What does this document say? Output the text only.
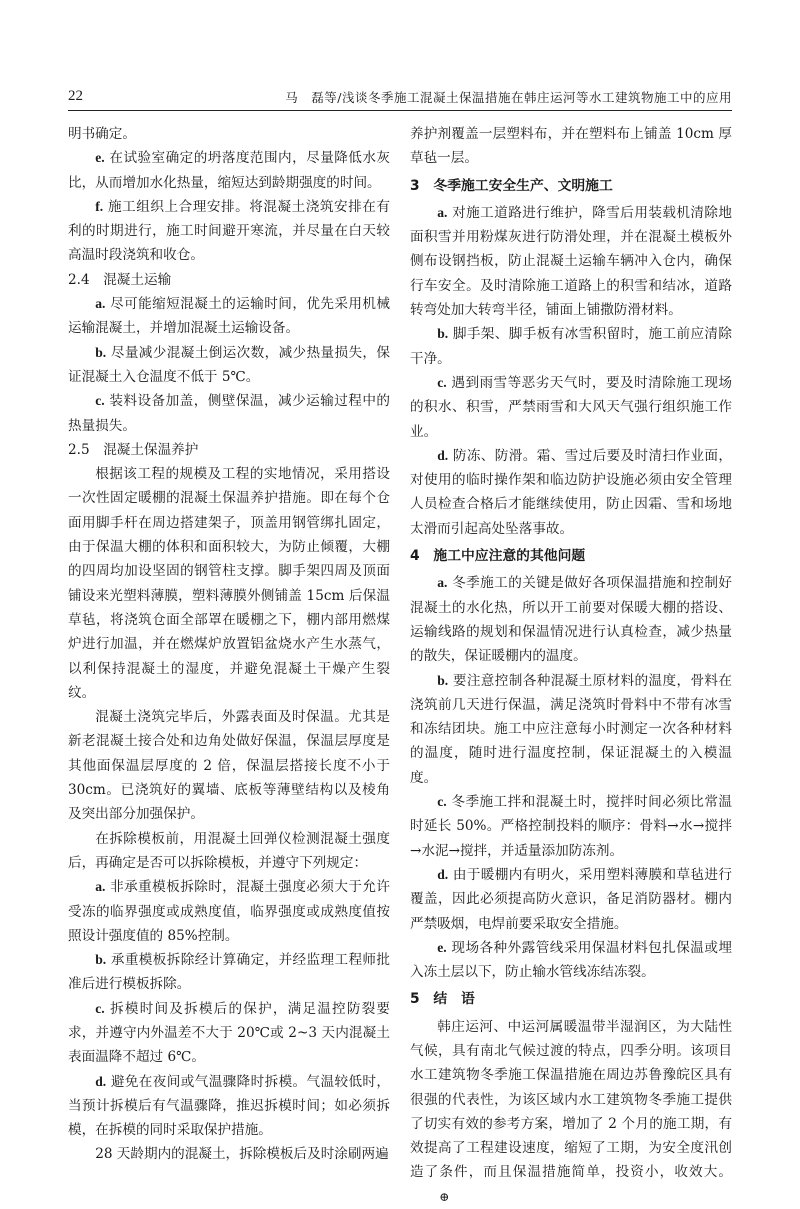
22	马　磊等/浅谈冬季施工混凝土保温措施在韩庄运河等水工建筑物施工中的应用

明书确定。

e. 在试验室确定的坍落度范围内，尽量降低水灰比，从而增加水化热量，缩短达到龄期强度的时间。

f. 施工组织上合理安排。将混凝土浇筑安排在有利的时期进行，施工时间避开寒流，并尽量在白天较高温时段浇筑和收仓。

2.4　 混凝土运输

a. 尽可能缩短混凝土的运输时间，优先采用机械运输混凝土，并增加混凝土运输设备。

b. 尽量减少混凝土倒运次数，减少热量损失，保证混凝土入仓温度不低于 5℃。

c. 装料设备加盖，侧壁保温，减少运输过程中的热量损失。

2.5　 混凝土保温养护

根据该工程的规模及工程的实地情况，采用搭设一次性固定暖棚的混凝土保温养护措施。即在每个仓面用脚手杆在周边搭建架子，顶盖用钢管绑扎固定，由于保温大棚的体积和面积较大，为防止倾覆，大棚的四周均加设坚固的钢管柱支撑。脚手架四周及顶面铺设来光塑料薄膜，塑料薄膜外侧铺盖 15cm 后保温草毡，将浇筑仓面全部罩在暖棚之下，棚内部用燃煤炉进行加温，并在燃煤炉放置铝盆烧水产生水蒸气，以利保持混凝土的湿度，并避免混凝土干燥产生裂纹。

混凝土浇筑完毕后，外露表面及时保温。尤其是新老混凝土接合处和边角处做好保温，保温层厚度是其他面保温层厚度的 2 倍，保温层搭接长度不小于 30cm。已浇筑好的翼墙、底板等薄壁结构以及棱角及突出部分加强保护。

在拆除模板前，用混凝土回弹仪检测混凝土强度后，再确定是否可以拆除模板，并遵守下列规定：

a. 非承重模板拆除时，混凝土强度必须大于允许受冻的临界强度或成熟度值，临界强度或成熟度值按照设计强度值的 85%控制。

b. 承重模板拆除经计算确定，并经监理工程师批准后进行模板拆除。

c. 拆模时间及拆模后的保护，满足温控防裂要求，并遵守内外温差不大于 20℃或 2~3 天内混凝土表面温降不超过 6℃。

d. 避免在夜间或气温骤降时拆模。气温较低时，当预计拆模后有气温骤降，推迟拆模时间；如必须拆模，在拆模的同时采取保护措施。

28 天龄期内的混凝土，拆除模板后及时涂刷两遍

养护剂覆盖一层塑料布，并在塑料布上铺盖 10cm 厚草毡一层。

3 冬季施工安全生产、文明施工

a. 对施工道路进行维护，降雪后用装载机清除地面积雪并用粉煤灰进行防滑处理，并在混凝土模板外侧布设钢挡板，防止混凝土运输车辆冲入仓内，确保行车安全。及时清除施工道路上的积雪和结冰，道路转弯处加大转弯半径，铺面上铺撒防滑材料。

b. 脚手架、脚手板有冰雪积留时，施工前应清除干净。

c. 遇到雨雪等恶劣天气时，要及时清除施工现场的积水、积雪，严禁雨雪和大风天气强行组织施工作业。

d. 防冻、防滑。霜、雪过后要及时清扫作业面，对使用的临时操作架和临边防护设施必须由安全管理人员检查合格后才能继续使用，防止因霜、雪和场地太滑而引起高处坠落事故。

4 施工中应注意的其他问题

a. 冬季施工的关键是做好各项保温措施和控制好混凝土的水化热，所以开工前要对保暖大棚的搭设、运输线路的规划和保温情况进行认真检查，减少热量的散失，保证暖棚内的温度。

b. 要注意控制各种混凝土原材料的温度，骨料在浇筑前几天进行保温，满足浇筑时骨料中不带有冰雪和冻结团块。施工中应注意每小时测定一次各种材料的温度，随时进行温度控制，保证混凝土的入模温度。

c. 冬季施工拌和混凝土时，搅拌时间必须比常温时延长 50%。严格控制投料的顺序：骨料→水→搅拌→水泥→搅拌，并适量添加防冻剂。

d. 由于暖棚内有明火，采用塑料薄膜和草毡进行覆盖，因此必须提高防火意识，备足消防器材。棚内严禁吸烟，电焊前要采取安全措施。

e. 现场各种外露管线采用保温材料包扎保温或埋入冻土层以下，防止输水管线冻结冻裂。

5 结　语

韩庄运河、中运河属暖温带半湿润区，为大陆性气候，具有南北气候过渡的特点，四季分明。该项目水工建筑物冬季施工保温措施在周边苏鲁豫皖区具有很强的代表性，为该区域内水工建筑物冬季施工提供了切实有效的参考方案，增加了 2 个月的施工期，有效提高了工程建设速度，缩短了工期，为安全度汛创造了条件，而且保温措施简单，投资小，收效大。⊕
